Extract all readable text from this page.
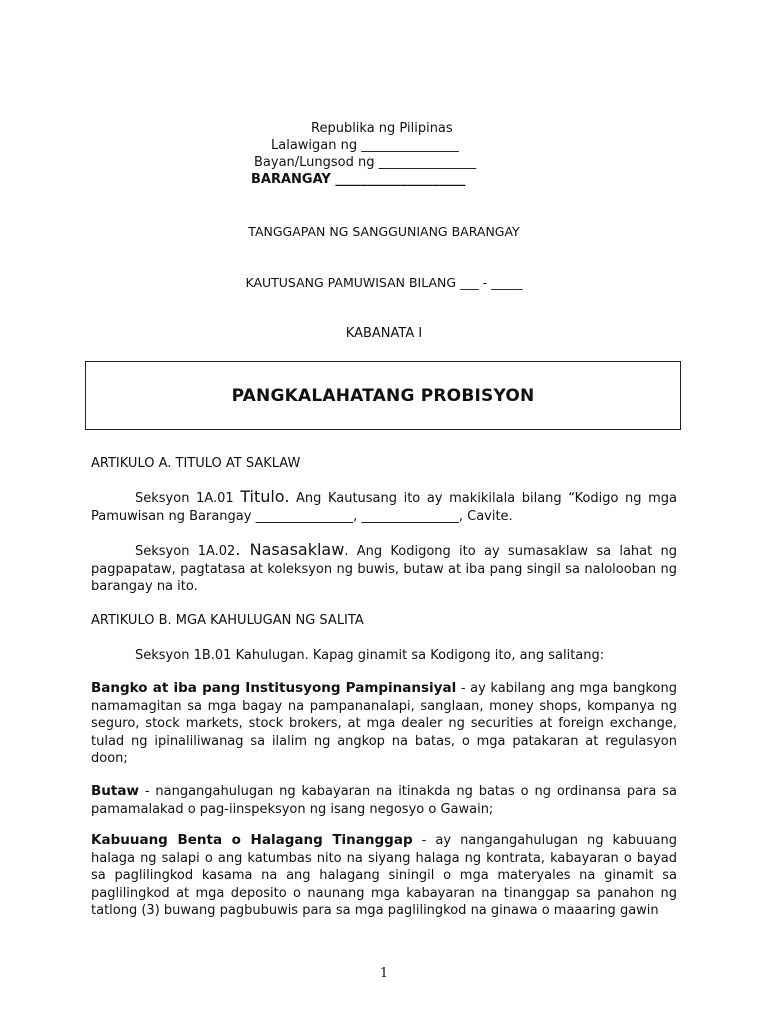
Republika ng Pilipinas
Lalawigan ng _______________
Bayan/Lungsod ng _______________
BARANGAY ____________________
TANGGAPAN NG SANGGUNIANG BARANGAY
KAUTUSANG PAMUWISAN BILANG ___ - _____
KABANATA I
PANGKALAHATANG PROBISYON
ARTIKULO A. TITULO AT SAKLAW
Seksyon 1A.01 Titulo. Ang Kautusang ito ay makikilala bilang “Kodigo ng mga Pamuwisan ng Barangay _______________, _______________, Cavite.
Seksyon 1A.02. Nasasaklaw. Ang Kodigong ito ay sumasaklaw sa lahat ng pagpapataw, pagtatasa at koleksyon ng buwis, butaw at iba pang singil sa nalolooban ng barangay na ito.
ARTIKULO B. MGA KAHULUGAN NG SALITA
Seksyon 1B.01 Kahulugan. Kapag ginamit sa Kodigong ito, ang salitang:
Bangko at iba pang Institusyong Pampinansiyal - ay kabilang ang mga bangkong namamagitan sa mga bagay na pampananalapi, sanglaan, money shops, kompanya ng seguro, stock markets, stock brokers, at mga dealer ng securities at foreign exchange, tulad ng ipinaliliwanag sa ilalim ng angkop na batas, o mga patakaran at regulasyon doon;
Butaw - nangangahulugan ng kabayaran na itinakda ng batas o ng ordinansa para sa pamamalakad o pag-iinspeksyon ng isang negosyo o Gawain;
Kabuuang Benta o Halagang Tinanggap - ay nangangahulugan ng kabuuang halaga ng salapi o ang katumbas nito na siyang halaga ng kontrata, kabayaran o bayad sa paglilingkod kasama na ang halagang siningil o mga materyales na ginamit sa paglilingkod at mga deposito o naunang mga kabayaran na tinanggap sa panahon ng tatlong (3) buwang pagbubuwis para sa mga paglilingkod na ginawa o maaaring gawin
1
